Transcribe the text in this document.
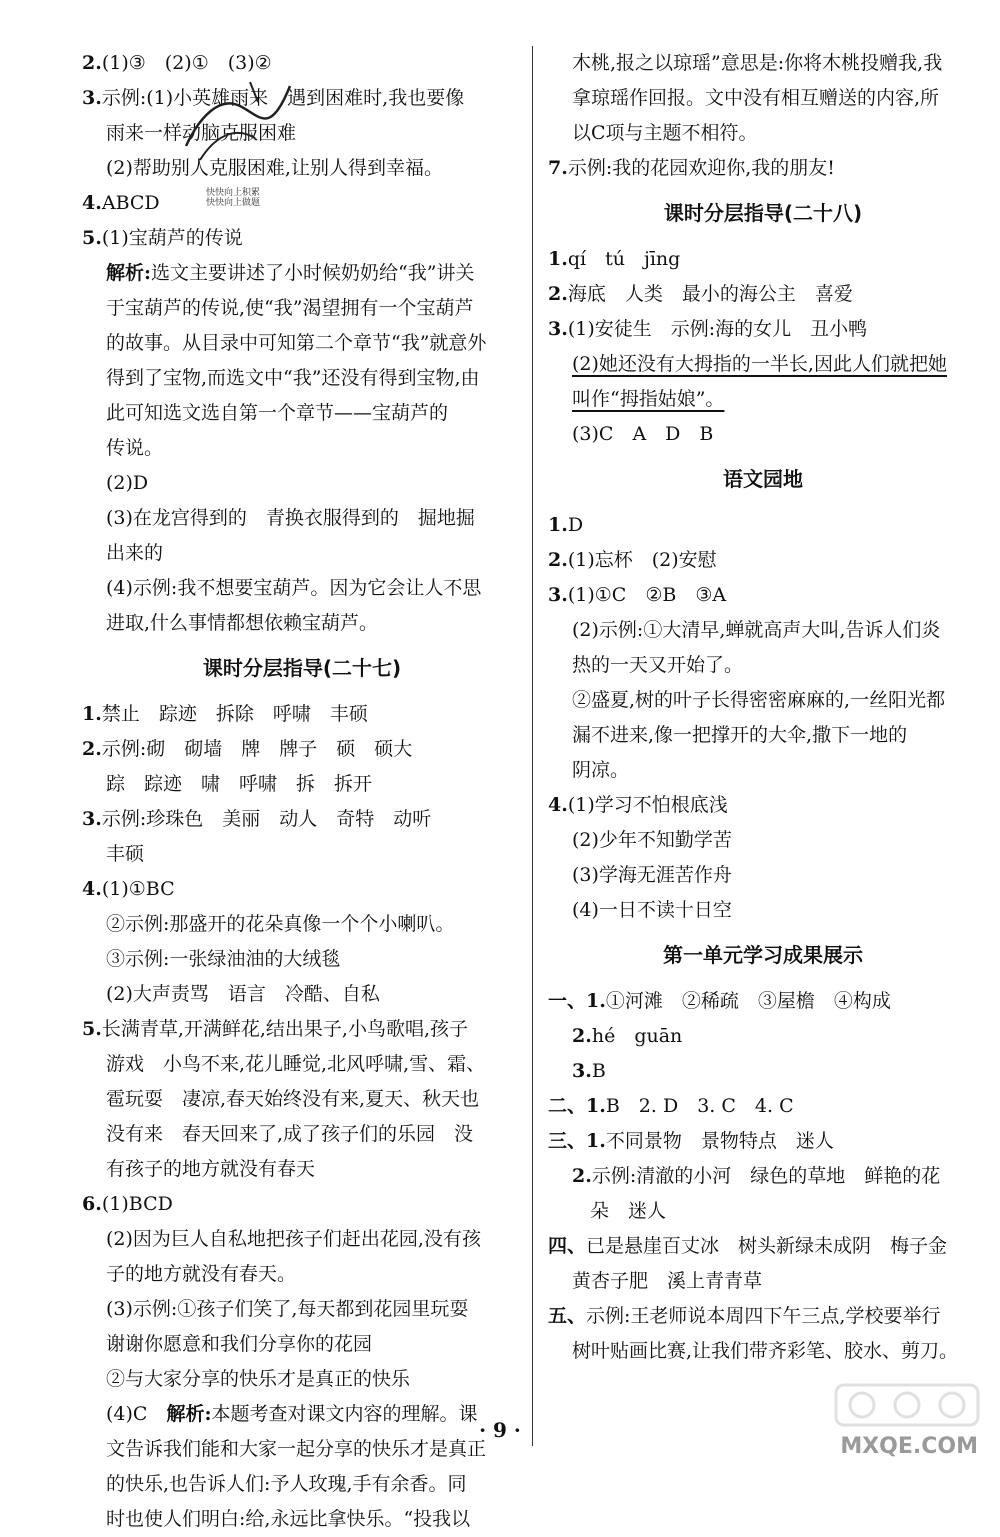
2.(1)③　(2)①　(3)②
3.示例:(1)小英雄雨来　遇到困难时,我也要像
雨来一样动脑克服困难
(2)帮助别人克服困难,让别人得到幸福。
4.ABCD
5.(1)宝葫芦的传说
解析:选文主要讲述了小时候奶奶给“我”讲关
于宝葫芦的传说,使“我”渴望拥有一个宝葫芦
的故事。从目录中可知第二个章节“我”就意外
得到了宝物,而选文中“我”还没有得到宝物,由
此可知选文选自第一个章节——宝葫芦的
传说。
(2)D
(3)在龙宫得到的　青换衣服得到的　掘地掘
出来的
(4)示例:我不想要宝葫芦。因为它会让人不思
进取,什么事情都想依赖宝葫芦。
课时分层指导(二十七)
1.禁止　踪迹　拆除　呼啸　丰硕
2.示例:砌　砌墙　牌　牌子　硕　硕大
踪　踪迹　啸　呼啸　拆　拆开
3.示例:珍珠色　美丽　动人　奇特　动听
丰硕
4.(1)①BC
②示例:那盛开的花朵真像一个个小喇叭。
③示例:一张绿油油的大绒毯
(2)大声责骂　语言　冷酷、自私
5.长满青草,开满鲜花,结出果子,小鸟歌唱,孩子
游戏　小鸟不来,花儿睡觉,北风呼啸,雪、霜、
雹玩耍　凄凉,春天始终没有来,夏天、秋天也
没有来　春天回来了,成了孩子们的乐园　没
有孩子的地方就没有春天
6.(1)BCD
(2)因为巨人自私地把孩子们赶出花园,没有孩
子的地方就没有春天。
(3)示例:①孩子们笑了,每天都到花园里玩耍
谢谢你愿意和我们分享你的花园
②与大家分享的快乐才是真正的快乐
(4)C　 解析:本题考查对课文内容的理解。课
文告诉我们能和大家一起分享的快乐才是真正
的快乐,也告诉人们:予人玫瑰,手有余香。同
时也使人们明白:给,永远比拿快乐。“投我以
快快向上积累
快快向上做题
木桃,报之以琼瑶”意思是:你将木桃投赠我,我
拿琼瑶作回报。文中没有相互赠送的内容,所
以C项与主题不相符。
7.示例:我的花园欢迎你,我的朋友!
课时分层指导(二十八)
1.qí　tú　jīng
2.海底　人类　最小的海公主　喜爱
3.(1)安徒生　示例:海的女儿　丑小鸭
(2)她还没有大拇指的一半长,因此人们就把她
叫作“拇指姑娘”。
(3)C　A　D　B
语文园地
1.D
2.(1)忘杯　(2)安慰
3.(1)①C　②B　③A
(2)示例:①大清早,蝉就高声大叫,告诉人们炎
热的一天又开始了。
②盛夏,树的叶子长得密密麻麻的,一丝阳光都
漏不进来,像一把撑开的大伞,撒下一地的
阴凉。
4.(1)学习不怕根底浅
(2)少年不知勤学苦
(3)学海无涯苦作舟
(4)一日不读十日空
第一单元学习成果展示
一、1.①河滩　②稀疏　③屋檐　④构成
2.hé　guān
3.B
二、1.B　2. D　3. C　4. C
三、1.不同景物　景物特点　迷人
2.示例:清澈的小河　绿色的草地　鲜艳的花
朵　迷人
四、已是悬崖百丈冰　树头新绿未成阴　梅子金
黄杏子肥　溪上青青草
五、示例:王老师说本周四下午三点,学校要举行
树叶贴画比赛,让我们带齐彩笔、胶水、剪刀。
· 9 ·
MXQE.COM
